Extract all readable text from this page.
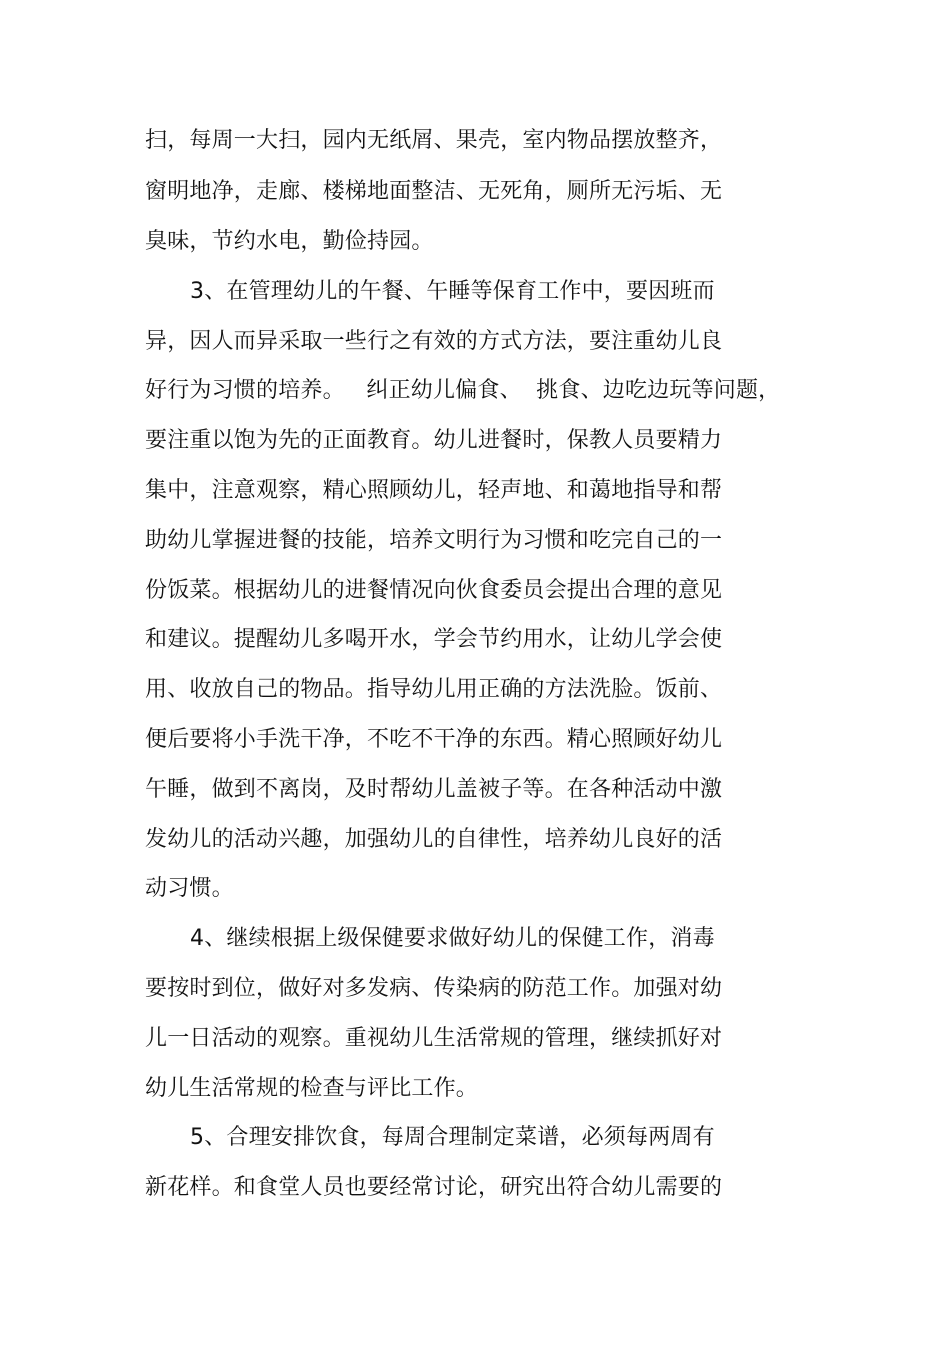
扫，每周一大扫，园内无纸屑、果壳，室内物品摆放整齐，
窗明地净，走廊、楼梯地面整洁、无死角，厕所无污垢、无
臭味，节约水电，勤俭持园。
3、在管理幼儿的午餐、午睡等保育工作中，要因班而
异，因人而异采取一些行之有效的方式方法，要注重幼儿良
好行为习惯的培养。   纠正幼儿偏食、  挑食、边吃边玩等问题，
要注重以饱为先的正面教育。幼儿进餐时，保教人员要精力
集中，注意观察，精心照顾幼儿，轻声地、和蔼地指导和帮
助幼儿掌握进餐的技能，培养文明行为习惯和吃完自己的一
份饭菜。根据幼儿的进餐情况向伙食委员会提出合理的意见
和建议。提醒幼儿多喝开水，学会节约用水，让幼儿学会使
用、收放自己的物品。指导幼儿用正确的方法洗脸。饭前、
便后要将小手洗干净，不吃不干净的东西。精心照顾好幼儿
午睡，做到不离岗，及时帮幼儿盖被子等。在各种活动中激
发幼儿的活动兴趣，加强幼儿的自律性，培养幼儿良好的活
动习惯。
4、继续根据上级保健要求做好幼儿的保健工作，消毒
要按时到位，做好对多发病、传染病的防范工作。加强对幼
儿一日活动的观察。重视幼儿生活常规的管理，继续抓好对
幼儿生活常规的检查与评比工作。
5、合理安排饮食，每周合理制定菜谱，必须每两周有
新花样。和食堂人员也要经常讨论，研究出符合幼儿需要的
